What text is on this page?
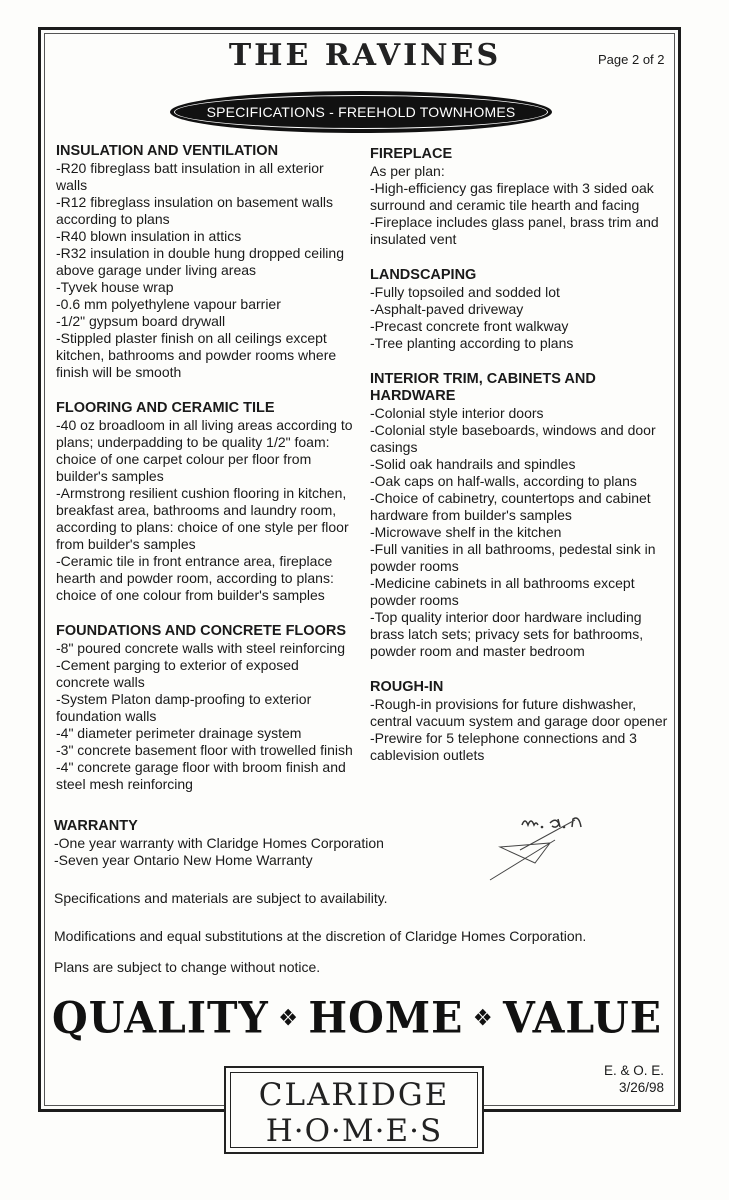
THE RAVINES	Page 2 of 2
SPECIFICATIONS - FREEHOLD TOWNHOMES
INSULATION AND VENTILATION

-R20 fibreglass batt insulation in all exterior walls

-R12 fibreglass insulation on basement walls according to plans

-R40 blown insulation in attics

-R32 insulation in double hung dropped ceiling above garage under living areas

-Tyvek house wrap

-0.6 mm polyethylene vapour barrier

-1/2" gypsum board drywall

-Stippled plaster finish on all ceilings except kitchen, bathrooms and powder rooms where finish will be smooth

FLOORING AND CERAMIC TILE

-40 oz broadloom in all living areas according to plans; underpadding to be quality 1/2" foam: choice of one carpet colour per floor from builder's samples

-Armstrong resilient cushion flooring in kitchen, breakfast area, bathrooms and laundry room, according to plans: choice of one style per floor from builder's samples

-Ceramic tile in front entrance area, fireplace hearth and powder room, according to plans: choice of one colour from builder's samples

FOUNDATIONS AND CONCRETE FLOORS

-8" poured concrete walls with steel reinforcing

-Cement parging to exterior of exposed concrete walls

-System Platon damp-proofing to exterior foundation walls

-4" diameter perimeter drainage system

-3" concrete basement floor with trowelled finish

-4" concrete garage floor with broom finish and steel mesh reinforcing

FIREPLACE

As per plan:

-High-efficiency gas fireplace with 3 sided oak surround and ceramic tile hearth and facing

-Fireplace includes glass panel, brass trim and insulated vent

LANDSCAPING

-Fully topsoiled and sodded lot

-Asphalt-paved driveway

-Precast concrete front walkway

-Tree planting according to plans

INTERIOR TRIM, CABINETS AND HARDWARE

-Colonial style interior doors

-Colonial style baseboards, windows and door casings

-Solid oak handrails and spindles

-Oak caps on half-walls, according to plans

-Choice of cabinetry, countertops and cabinet hardware from builder's samples

-Microwave shelf in the kitchen

-Full vanities in all bathrooms, pedestal sink in powder rooms

-Medicine cabinets in all bathrooms except powder rooms

-Top quality interior door hardware including brass latch sets; privacy sets for bathrooms, powder room and master bedroom

ROUGH-IN

-Rough-in provisions for future dishwasher, central vacuum system and garage door opener

-Prewire for 5 telephone connections and 3 cablevision outlets

WARRANTY

-One year warranty with Claridge Homes Corporation

-Seven year Ontario New Home Warranty

Specifications and materials are subject to availability.

Modifications and equal substitutions at the discretion of Claridge Homes Corporation.

Plans are subject to change without notice.

QUALITY ❖ HOME ❖ VALUE
E. & O. E.
3/26/98
CLARIDGE
H·O·M·E·S
